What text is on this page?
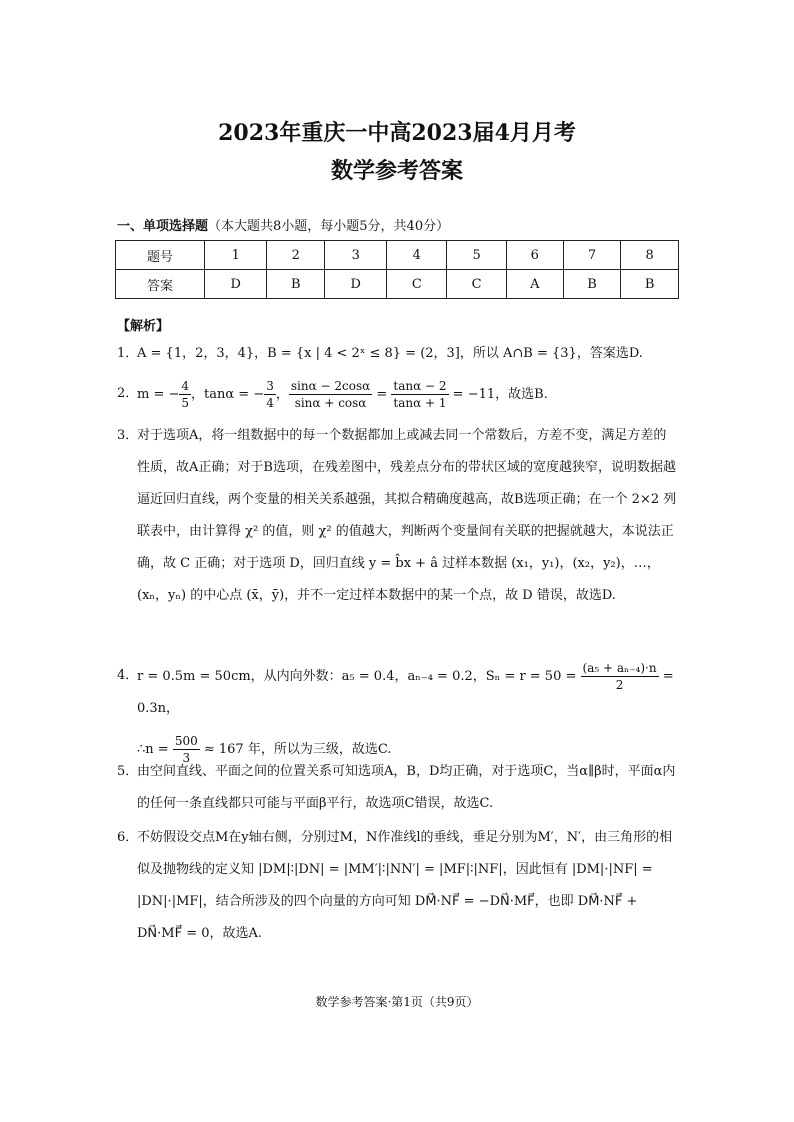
2023年重庆一中高2023届4月月考
数学参考答案
一、单项选择题（本大题共8小题，每小题5分，共40分）
题号	1	2	3	4	5	6	7	8
答案	D	B	D	C	C	A	B	B
【解析】
1．
A = {1，2，3，4}，B = {x | 4 < 2ˣ ≤ 8} = (2，3]，所以 A∩B = {3}，答案选D.
2．
m = − $\frac{4}{5}$ ，tanα = − $\frac{3}{4}$ ， $\frac{\sin\alpha - 2\cos\alpha}{\sin\alpha + \cos\alpha} = \frac{\tan\alpha - 2}{\tan\alpha + 1} = -11$，故选B.
3．
对于选项A，将一组数据中的每一个数据都加上或减去同一个常数后，方差不变，满足方差的性质，故A正确；对于B选项，在残差图中，残差点分布的带状区域的宽度越狭窄，说明数据越逼近回归直线，两个变量的相关关系越强，其拟合精确度越高，故B选项正确；在一个 2×2 列联表中，由计算得 χ² 的值，则 χ² 的值越大，判断两个变量间有关联的把握就越大，本说法正确，故 C 正确；对于选项 D，回归直线 y = b̂x + â 过样本数据 (x₁，y₁)，(x₂，y₂)，…，(xₙ，yₙ) 的中心点 (x̄，ȳ)，并不一定过样本数据中的某一个点，故 D 错误，故选D.
4．
r = 0.5m = 50cm，从内向外数：a₅ = 0.4，aₙ₋₄ = 0.2，$S_n = r = 50 = \frac{\text{(a₅ + aₙ₋₄)·n}}{2} = 0.3n$，
∴n = $\frac{500}{3} \approx 167$ 年，所以为三级，故选C.
5．
由空间直线、平面之间的位置关系可知选项A，B，D均正确，对于选项C，当α∥β时，平面α内的任何一条直线都只可能与平面β平行，故选项C错误，故选C.
6．
不妨假设交点M在y轴右侧，分别过M，N作准线l的垂线，垂足分别为M′，N′，由三角形的相似及抛物线的定义知 |DM|∶|DN| = |MM′|∶|NN′| = |MF|∶|NF|，因此恒有 |DM|·|NF| = |DN|·|MF|，结合所涉及的四个向量的方向可知 DM⃗·NF⃗ = −DN⃗·MF⃗，也即 DM⃗·NF⃗ + DN⃗·MF⃗ = 0，故选A.
数学参考答案·第1页（共9页）
